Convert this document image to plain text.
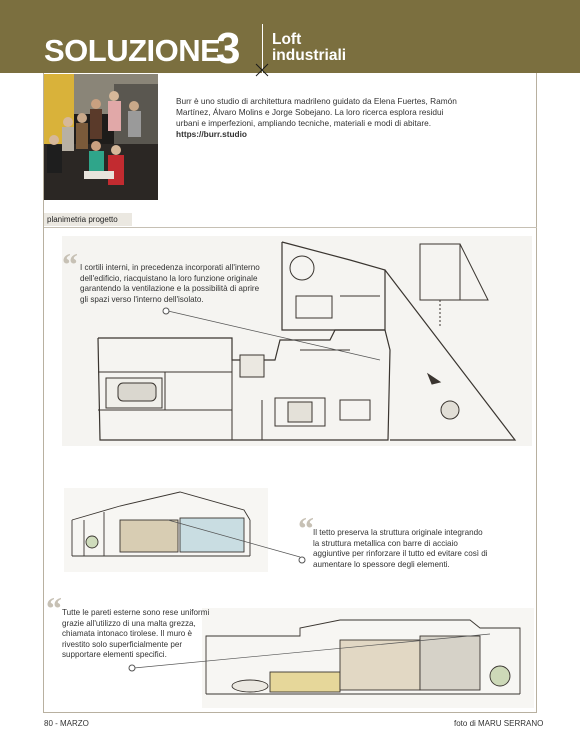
SOLUZIONE
3 Loft
industriali
Burr è uno studio di architettura madrileno guidato da Elena Fuertes, Ramón Martínez, Álvaro Molins e Jorge Sobejano. La loro ricerca esplora residui urbani e imperfezioni, ampliando tecniche, materiali e modi di abitare.
https://burr.studio
planimetria progetto
“ I cortili interni, in precedenza incorporati all'interno dell'edificio, riacquistano la loro funzione originale garantendo la ventilazione e la possibilità di aprire gli spazi verso l'interno dell'isolato.
“ Il tetto preserva la struttura originale integrando la struttura metallica con barre di acciaio aggiuntive per rinforzare il tutto ed evitare così di aumentare lo spessore degli elementi.
“ Tutte le pareti esterne sono rese uniformi grazie all'utilizzo di una malta grezza, chiamata intonaco tirolese. Il muro è rivestito solo superficialmente per supportare elementi specifici.
80 - MARZO	foto di MARU SERRANO
